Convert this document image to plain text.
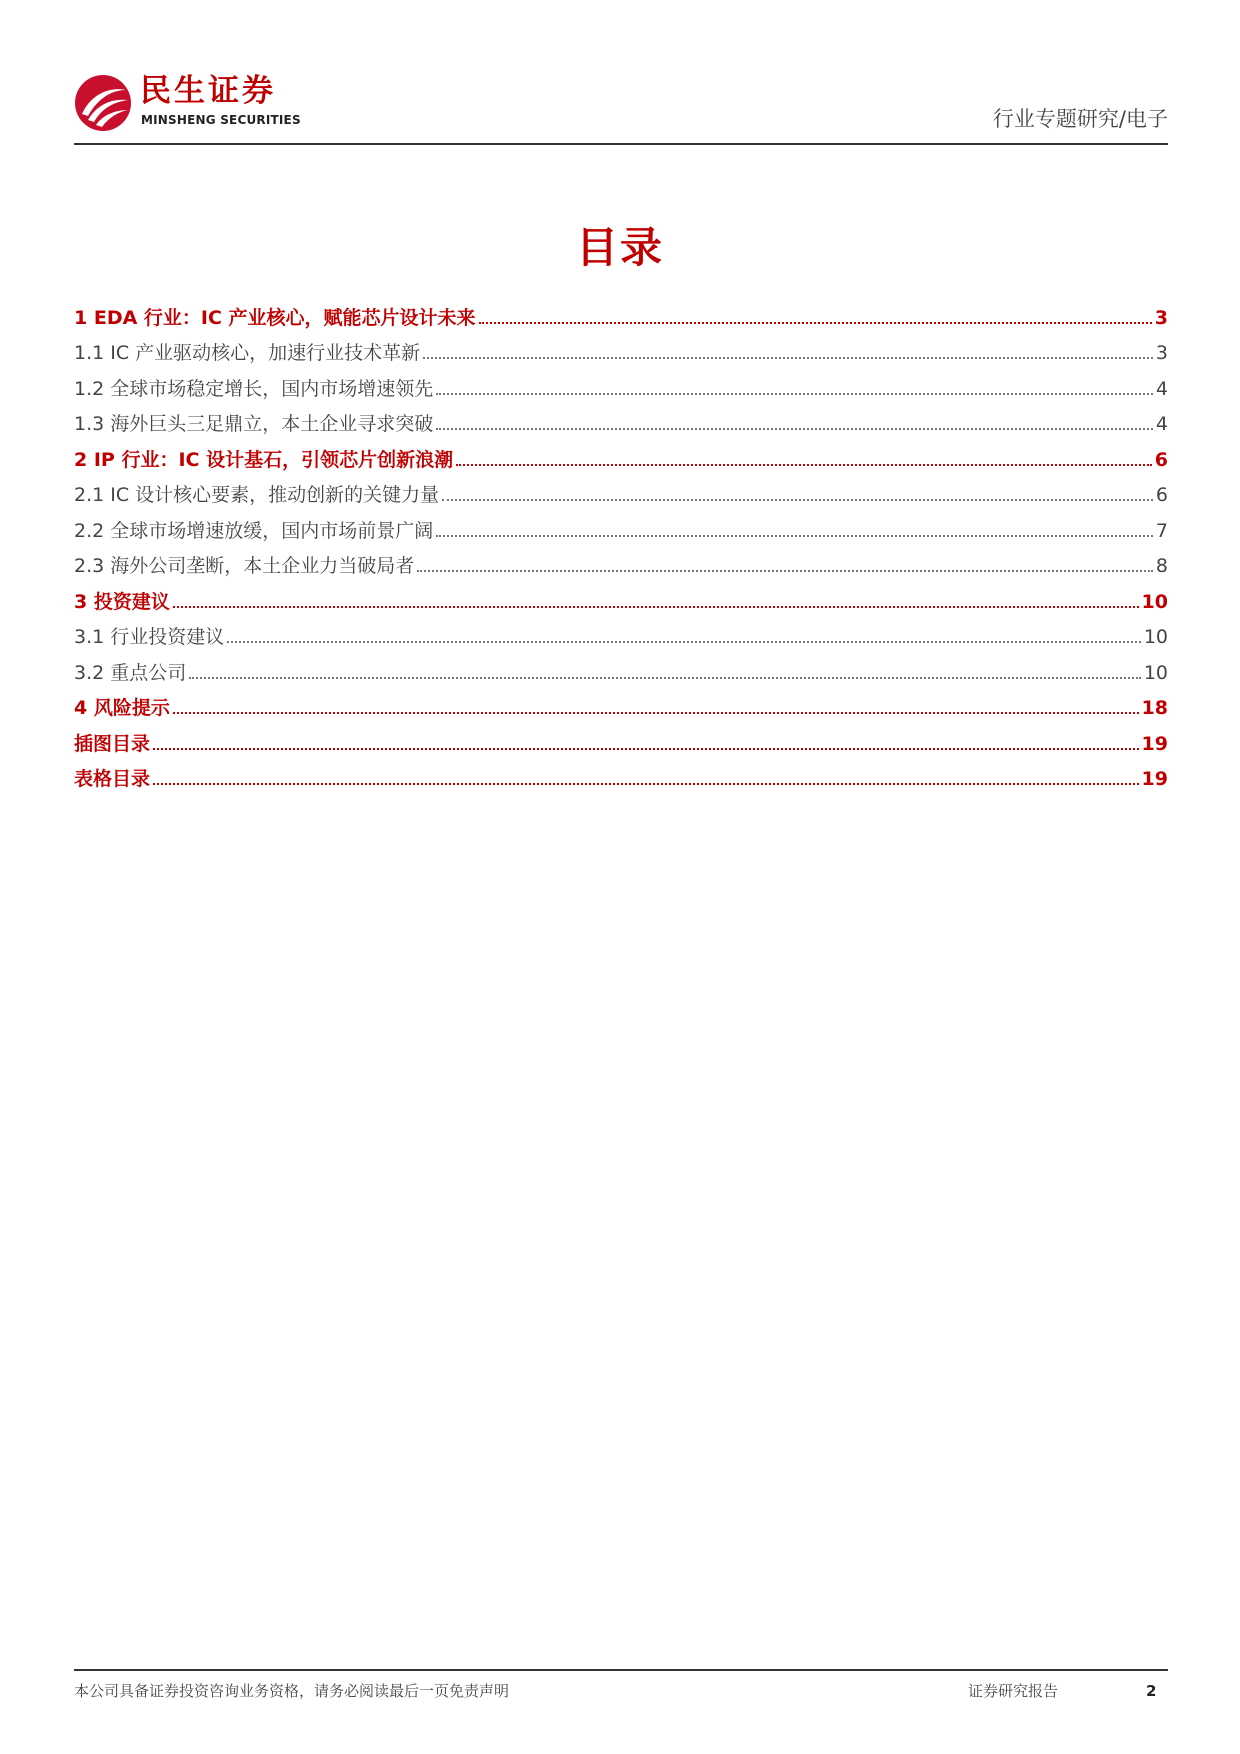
民生证券
MINSHENG SECURITIES	行业专题研究/电子
目录
1 EDA 行业：IC 产业核心，赋能芯片设计未来	3
1.1 IC 产业驱动核心，加速行业技术革新	3
1.2 全球市场稳定增长，国内市场增速领先	4
1.3 海外巨头三足鼎立，本土企业寻求突破	4
2 IP 行业：IC 设计基石，引领芯片创新浪潮	6
2.1 IC 设计核心要素，推动创新的关键力量	6
2.2 全球市场增速放缓，国内市场前景广阔	7
2.3 海外公司垄断，本土企业力当破局者	8
3 投资建议	10
3.1 行业投资建议	10
3.2 重点公司	10
4 风险提示	18
插图目录	19
表格目录	19
本公司具备证券投资咨询业务资格，请务必阅读最后一页免责声明	证券研究报告	2
